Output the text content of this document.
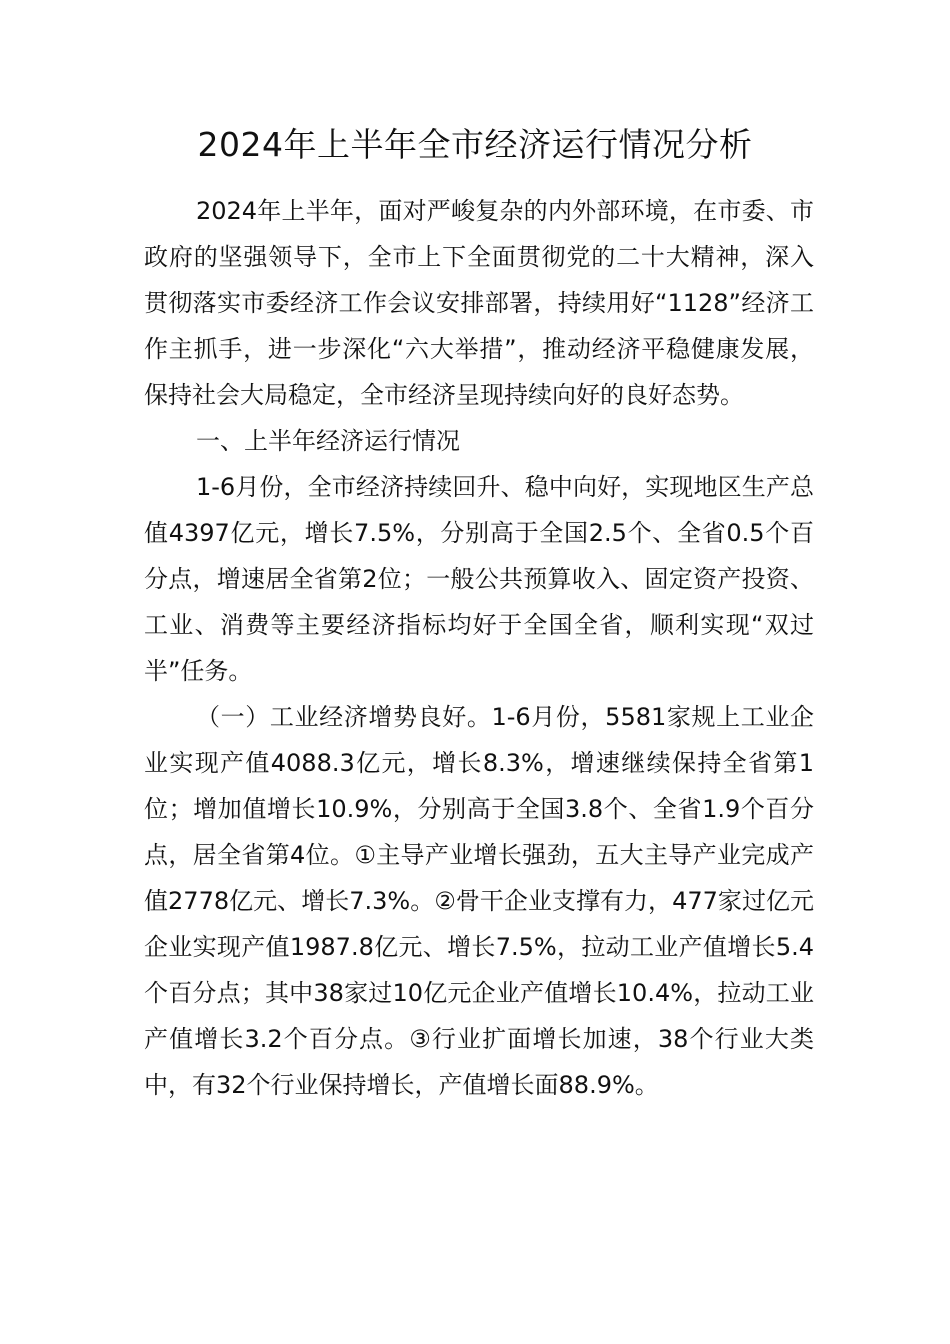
2024年上半年全市经济运行情况分析

2024年上半年，面对严峻复杂的内外部环境，在市委、市政府的坚强领导下，全市上下全面贯彻党的二十大精神，深入贯彻落实市委经济工作会议安排部署，持续用好“1128”经济工作主抓手，进一步深化“六大举措”，推动经济平稳健康发展，保持社会大局稳定，全市经济呈现持续向好的良好态势。

一、上半年经济运行情况

1-6月份，全市经济持续回升、稳中向好，实现地区生产总值4397亿元，增长7.5%，分别高于全国2.5个、全省0.5个百分点，增速居全省第2位；一般公共预算收入、固定资产投资、工业、消费等主要经济指标均好于全国全省，顺利实现“双过半”任务。

（一）工业经济增势良好。1-6月份，5581家规上工业企业实现产值4088.3亿元，增长8.3%，增速继续保持全省第1位；增加值增长10.9%，分别高于全国3.8个、全省1.9个百分点，居全省第4位。①主导产业增长强劲，五大主导产业完成产值2778亿元、增长7.3%。②骨干企业支撑有力，477家过亿元企业实现产值1987.8亿元、增长7.5%，拉动工业产值增长5.4个百分点；其中38家过10亿元企业产值增长10.4%，拉动工业产值增长3.2个百分点。③行业扩面增长加速，38个行业大类中，有32个行业保持增长，产值增长面88.9%。
